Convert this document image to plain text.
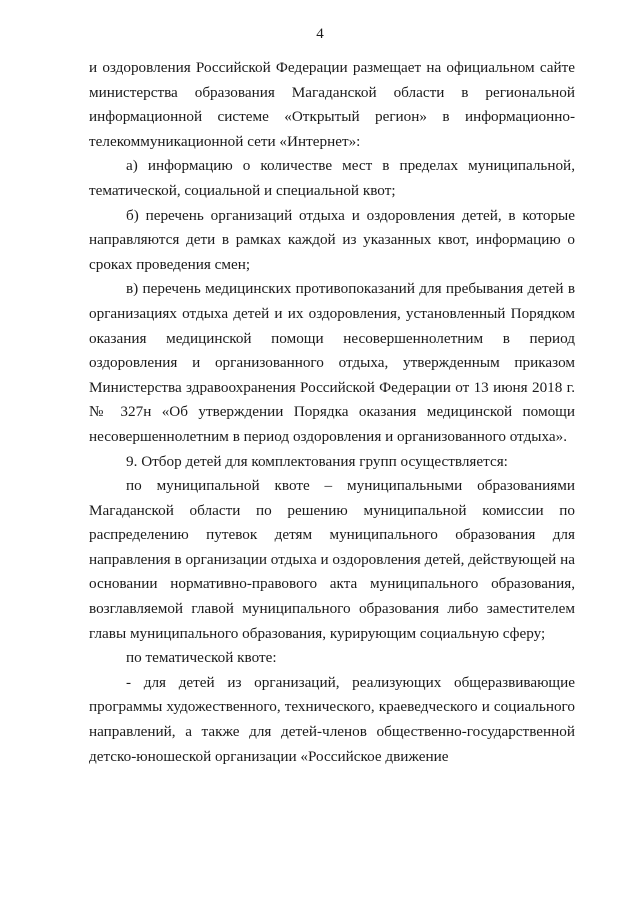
4

и оздоровления Российской Федерации размещает на официальном сайте министерства образования Магаданской области в региональной информационной системе «Открытый регион» в информационно-телекоммуникационной сети «Интернет»:

а) информацию о количестве мест в пределах муниципальной, тематической, социальной и специальной квот;

б) перечень организаций отдыха и оздоровления детей, в которые направляются дети в рамках каждой из указанных квот, информацию о сроках проведения смен;

в) перечень медицинских противопоказаний для пребывания детей в организациях отдыха детей и их оздоровления, установленный Порядком оказания медицинской помощи несовершеннолетним в период оздоровления и организованного отдыха, утвержденным приказом Министерства здравоохранения Российской Федерации от 13 июня 2018 г. № 327н «Об утверждении Порядка оказания медицинской помощи несовершеннолетним в период оздоровления и организованного отдыха».

9. Отбор детей для комплектования групп осуществляется:

по муниципальной квоте – муниципальными образованиями Магаданской области по решению муниципальной комиссии по распределению путевок детям муниципального образования для направления в организации отдыха и оздоровления детей, действующей на основании нормативно-правового акта муниципального образования, возглавляемой главой муниципального образования либо заместителем главы муниципального образования, курирующим социальную сферу;

по тематической квоте:

- для детей из организаций, реализующих общеразвивающие программы художественного, технического, краеведческого и социального направлений, а также для детей-членов общественно-государственной детско-юношеской организации «Российское движение
